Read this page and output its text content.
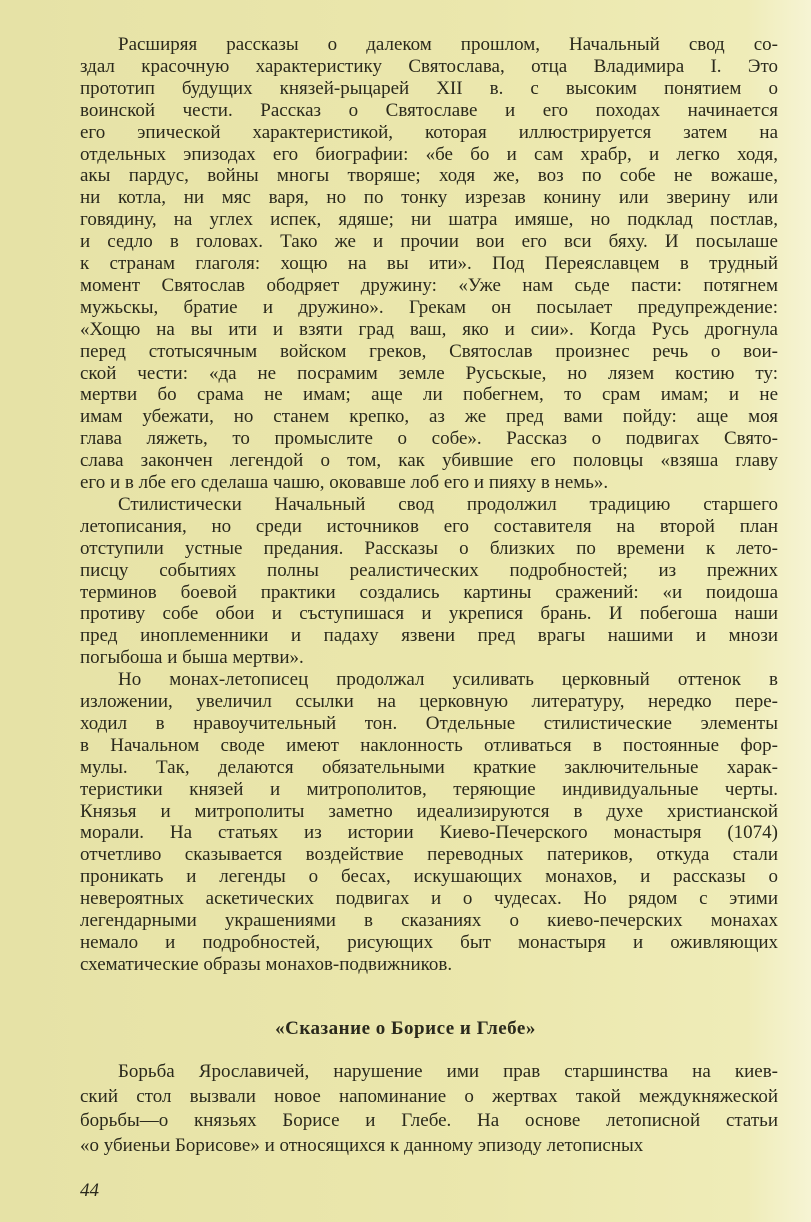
Расширяя рассказы о далеком прошлом, Начальный свод со-
здал красочную характеристику Святослава, отца Владимира I. Это
прототип будущих князей-рыцарей XII в. с высоким понятием о
воинской чести. Рассказ о Святославе и его походах начинается
его эпической характеристикой, которая иллюстрируется затем на
отдельных эпизодах его биографии: «бе бо и сам храбр, и легко ходя,
акы пардус, войны многы творяше; ходя же, воз по собе не вожаше,
ни котла, ни мяс варя, но по тонку изрезав конину или зверину или
говядину, на углех испек, ядяше; ни шатра имяше, но подклад постлав,
и седло в головах. Тако же и прочии вои его вси бяху. И посылаше
к странам глаголя: хощю на вы ити». Под Переяславцем в трудный
момент Святослав ободряет дружину: «Уже нам сьде пасти: потягнем
мужьскы, братие и дружино». Грекам он посылает предупреждение:
«Хощю на вы ити и взяти град ваш, яко и сии». Когда Русь дрогнула
перед стотысячным войском греков, Святослав произнес речь о вои-
ской чести: «да не посрамим земле Русьскые, но лязем костию ту:
мертви бо срама не имам; аще ли побегнем, то срам имам; и не
имам убежати, но станем крепко, аз же пред вами пойду: аще моя
глава ляжеть, то промыслите о собе». Рассказ о подвигах Свято-
слава закончен легендой о том, как убившие его половцы «взяша главу
его и в лбе его сделаша чашю, оковавше лоб его и пияху в немь».
Стилистически Начальный свод продолжил традицию старшего
летописания, но среди источников его составителя на второй план
отступили устные предания. Рассказы о близких по времени к лето-
писцу событиях полны реалистических подробностей; из прежних
терминов боевой практики создались картины сражений: «и поидоша
противу собе обои и съступишася и укрепися брань. И побегоша наши
пред иноплеменники и падаху язвени пред врагы нашими и мнози
погыбоша и быша мертви».
Но монах-летописец продолжал усиливать церковный оттенок в
изложении, увеличил ссылки на церковную литературу, нередко пере-
ходил в нравоучительный тон. Отдельные стилистические элементы
в Начальном своде имеют наклонность отливаться в постоянные фор-
мулы. Так, делаются обязательными краткие заключительные харак-
теристики князей и митрополитов, теряющие индивидуальные черты.
Князья и митрополиты заметно идеализируются в духе христианской
морали. На статьях из истории Киево-Печерского монастыря (1074)
отчетливо сказывается воздействие переводных патериков, откуда стали
проникать и легенды о бесах, искушающих монахов, и рассказы о
невероятных аскетических подвигах и о чудесах. Но рядом с этими
легендарными украшениями в сказаниях о киево-печерских монахах
немало и подробностей, рисующих быт монастыря и оживляющих
схематические образы монахов-подвижников.
«Сказание о Борисе и Глебе»
Борьба Ярославичей, нарушение ими прав старшинства на киев-
ский стол вызвали новое напоминание о жертвах такой междукняжеской
борьбы—о князьях Борисе и Глебе. На основе летописной статьи
«о убиеньи Борисове» и относящихся к данному эпизоду летописных
44
